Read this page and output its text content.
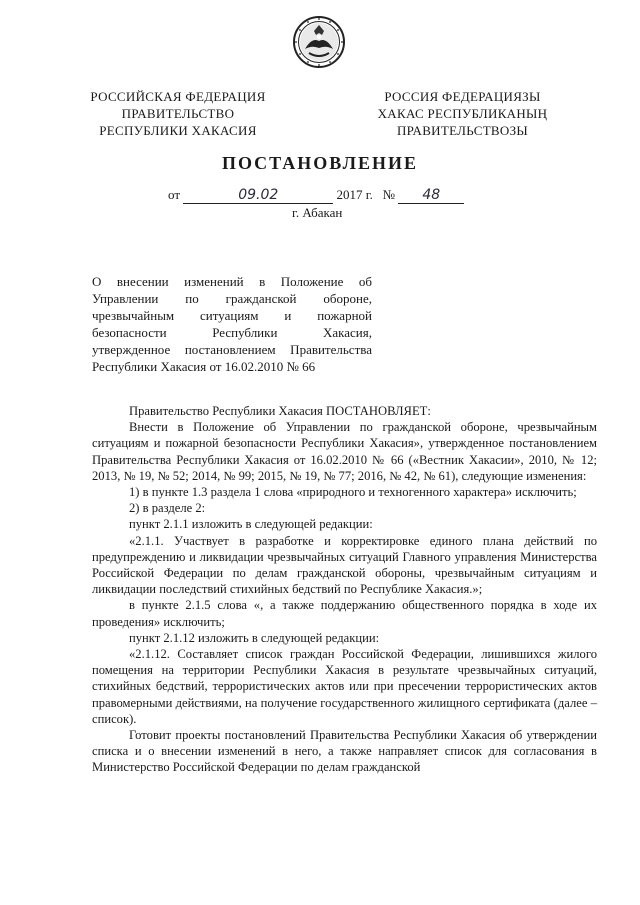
РОССИЙСКАЯ ФЕДЕРАЦИЯ
ПРАВИТЕЛЬСТВО
РЕСПУБЛИКИ ХАКАСИЯ
РОССИЯ ФЕДЕРАЦИЯЗЫ
ХАКАС РЕСПУБЛИКАНЫҢ
ПРАВИТЕЛЬСТВОЗЫ
ПОСТАНОВЛЕНИЕ
от	09.02	2017 г. № 48
г. Абакан
О внесении изменений в Положение об
Управлении по гражданской обороне,
чрезвычайным ситуациям и пожарной
безопасности Республики Хакасия,
утвержденное постановлением Правительства
Республики Хакасия от 16.02.2010 № 66

Правительство Республики Хакасия ПОСТАНОВЛЯЕТ:

Внести в Положение об Управлении по гражданской обороне, чрезвычайным ситуациям и пожарной безопасности Республики Хакасия», утвержденное постановлением Правительства Республики Хакасия от 16.02.2010 № 66 («Вестник Хакасии», 2010, № 12; 2013, № 19, № 52; 2014, № 99; 2015, № 19, № 77; 2016, № 42, № 61), следующие изменения:

1) в пункте 1.3 раздела 1 слова «природного и техногенного характера» исключить;

2) в разделе 2:

пункт 2.1.1 изложить в следующей редакции:

«2.1.1. Участвует в разработке и корректировке единого плана действий по предупреждению и ликвидации чрезвычайных ситуаций Главного управления Министерства Российской Федерации по делам гражданской обороны, чрезвычайным ситуациям и ликвидации последствий стихийных бедствий по Республике Хакасия.»;

в пункте 2.1.5 слова «, а также поддержанию общественного порядка в ходе их проведения» исключить;

пункт 2.1.12 изложить в следующей редакции:

«2.1.12. Составляет список граждан Российской Федерации, лишившихся жилого помещения на территории Республики Хакасия в результате чрезвычайных ситуаций, стихийных бедствий, террористических актов или при пресечении террористических актов правомерными действиями, на получение государственного жилищного сертификата (далее – список).

Готовит проекты постановлений Правительства Республики Хакасия об утверждении списка и о внесении изменений в него, а также направляет список для согласования в Министерство Российской Федерации по делам гражданской
